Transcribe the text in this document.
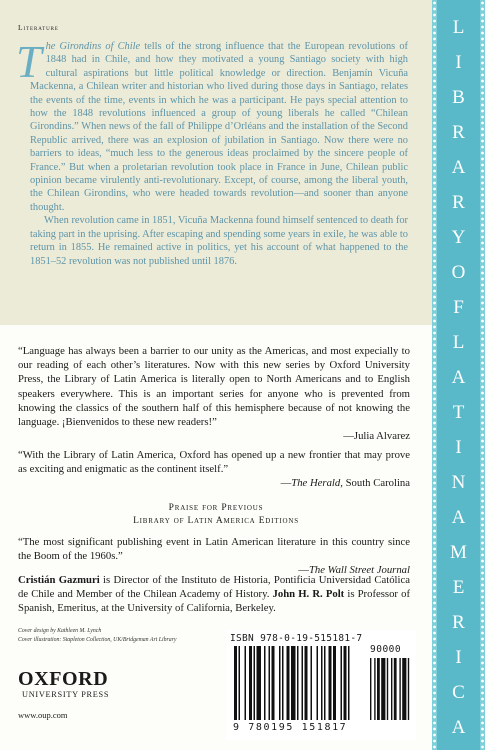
Literature

The Girondins of Chile tells of the strong influence that the European revolutions of 1848 had in Chile, and how they motivated a young Santiago society with high cultural aspirations but little political knowledge or direction. Benjamín Vicuña Mackenna, a Chilean writer and historian who lived during those days in Santiago, relates the events of the time, events in which he was a participant. He pays special attention to how the 1848 revolutions influenced a group of young liberals he called “Chilean Girondins.” When news of the fall of Philippe d’Orléans and the installation of the Second Republic arrived, there was an explosion of jubilation in Santiago. Now there were no barriers to ideas, “much less to the generous ideas proclaimed by the sincere people of France.” But when a proletarian revolution took place in France in June, Chilean public opinion became virulently anti-revolutionary. Except, of course, among the liberal youth, the Chilean Girondins, who were headed towards revolution—and sooner than anyone thought.

When revolution came in 1851, Vicuña Mackenna found himself sentenced to death for taking part in the uprising. After escaping and spending some years in exile, he was able to return in 1855. He remained active in politics, yet his account of what happened to the 1851–52 revolution was not published until 1876.

L
I
B
R
A
R
Y
O
F
L
A
T
I
N
A
M
E
R
I
C
A
“Language has always been a barrier to our unity as the Americas, and most expecially to our reading of each other’s literatures. Now with this new series by Oxford University Press, the Library of Latin America is literally open to North Americans and to English speakers everywhere. This is an important series for anyone who is prevented from knowing the classics of the southern half of this hemisphere because of not knowing the language. ¡Bienvenidos to these new readers!”
—Julia Alvarez
“With the Library of Latin America, Oxford has opened up a new frontier that may prove as exciting and enigmatic as the continent itself.”
—The Herald, South Carolina
Praise for Previous
Library of Latin America Editions
“The most significant publishing event in Latin American literature in this country since the Boom of the 1960s.”
—The Wall Street Journal
Cristián Gazmuri is Director of the Instituto de Historia, Pontificia Universidad Católica de Chile and Member of the Chilean Academy of History. John H. R. Polt is Professor of Spanish, Emeritus, at the University of California, Berkeley.
Cover design by Kathleen M. Lynch
Cover illustration: Stapleton Collection, UK/Bridgeman Art Library
OXFORD
UNIVERSITY PRESS
www.oup.com
ISBN 978-0-19-515181-7
90000
9 780195 151817
